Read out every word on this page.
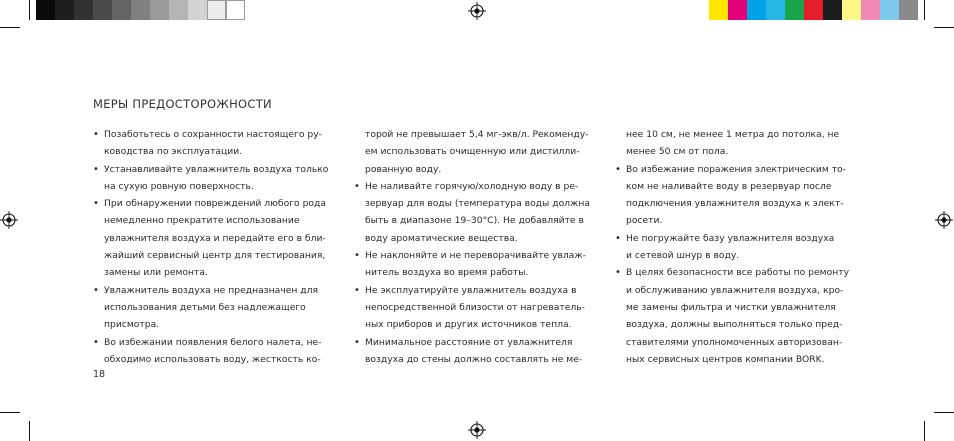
МЕРЫ ПРЕДОСТОРОЖНОСТИ
• Позаботьтесь о сохранности настоящего ру-
ководства по эксплуатации.
• Устанавливайте увлажнитель воздуха только
на сухую ровную поверхность.
• При обнаружении повреждений любого рода
немедленно прекратите использование
увлажнителя воздуха и передайте его в бли-
жайший сервисный центр для тестирования,
замены или ремонта.
• Увлажнитель воздуха не предназначен для
использования детьми без надлежащего
присмотра.
• Во избежании появления белого налета, не-
обходимо использовать воду, жесткость ко-
торой не превышает 5,4 мг-экв/л. Рекоменду-
ем использовать очищенную или дистилли-
рованную воду.
• Не наливайте горячую/холодную воду в ре-
зервуар для воды (температура воды должна
быть в диапазоне 19–30°С). Не добавляйте в
воду ароматические вещества.
• Не наклоняйте и не переворачивайте увлаж-
нитель воздуха во время работы.
• Не эксплуатируйте увлажнитель воздуха в
непосредственной близости от нагреватель-
ных приборов и других источников тепла.
• Минимальное расстояние от увлажнителя
воздуха до стены должно составлять не ме-
нее 10 см, не менее 1 метра до потолка, не
менее 50 см от пола.
• Во избежание поражения электрическим то-
ком не наливайте воду в резервуар после
подключения увлажнителя воздуха к элект-
росети.
• Не погружайте базу увлажнителя воздуха
и сетевой шнур в воду.
• В целях безопасности все работы по ремонту
и обслуживанию увлажнителя воздуха, кро-
ме замены фильтра и чистки увлажнителя
воздуха, должны выполняться только пред-
ставителями уполномоченных авторизован-
ных сервисных центров компании BORK.
18
